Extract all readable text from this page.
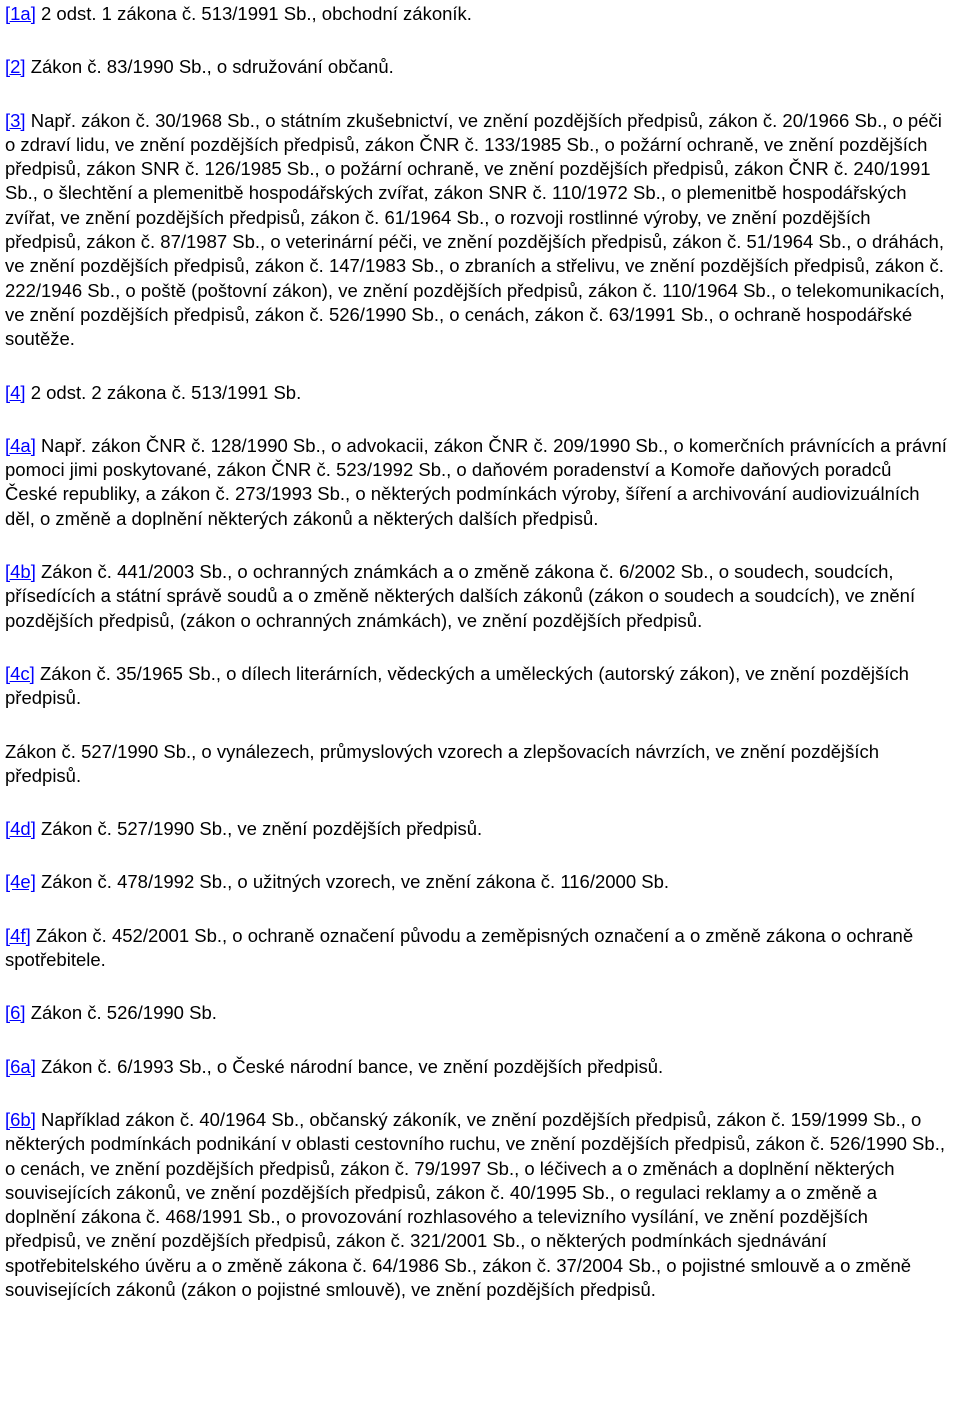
[1a] 2 odst. 1 zákona č. 513/1991 Sb., obchodní zákoník.

[2] Zákon č. 83/1990 Sb., o sdružování občanů.

[3] Např. zákon č. 30/1968 Sb., o státním zkušebnictví, ve znění pozdějších předpisů, zákon č. 20/1966 Sb., o péči o zdraví lidu, ve znění pozdějších předpisů, zákon ČNR č. 133/1985 Sb., o požární ochraně, ve znění pozdějších předpisů, zákon SNR č. 126/1985 Sb., o požární ochraně, ve znění pozdějších předpisů, zákon ČNR č. 240/1991 Sb., o šlechtění a plemenitbě hospodářských zvířat, zákon SNR č. 110/1972 Sb., o plemenitbě hospodářských zvířat, ve znění pozdějších předpisů, zákon č. 61/1964 Sb., o rozvoji rostlinné výroby, ve znění pozdějších předpisů, zákon č. 87/1987 Sb., o veterinární péči, ve znění pozdějších předpisů, zákon č. 51/1964 Sb., o dráhách, ve znění pozdějších předpisů, zákon č. 147/1983 Sb., o zbraních a střelivu, ve znění pozdějších předpisů, zákon č. 222/1946 Sb., o poště (poštovní zákon), ve znění pozdějších předpisů, zákon č. 110/1964 Sb., o telekomunikacích, ve znění pozdějších předpisů, zákon č. 526/1990 Sb., o cenách, zákon č. 63/1991 Sb., o ochraně hospodářské soutěže.

[4] 2 odst. 2 zákona č. 513/1991 Sb.

[4a] Např. zákon ČNR č. 128/1990 Sb., o advokacii, zákon ČNR č. 209/1990 Sb., o komerčních právnících a právní pomoci jimi poskytované, zákon ČNR č. 523/1992 Sb., o daňovém poradenství a Komoře daňových poradců České republiky, a zákon č. 273/1993 Sb., o některých podmínkách výroby, šíření a archivování audiovizuálních děl, o změně a doplnění některých zákonů a některých dalších předpisů.

[4b] Zákon č. 441/2003 Sb., o ochranných známkách a o změně zákona č. 6/2002 Sb., o soudech, soudcích, přísedících a státní správě soudů a o změně některých dalších zákonů (zákon o soudech a soudcích), ve znění pozdějších předpisů, (zákon o ochranných známkách), ve znění pozdějších předpisů.

[4c] Zákon č. 35/1965 Sb., o dílech literárních, vědeckých a uměleckých (autorský zákon), ve znění pozdějších předpisů.

Zákon č. 527/1990 Sb., o vynálezech, průmyslových vzorech a zlepšovacích návrzích, ve znění pozdějších předpisů.

[4d] Zákon č. 527/1990 Sb., ve znění pozdějších předpisů.

[4e] Zákon č. 478/1992 Sb., o užitných vzorech, ve znění zákona č. 116/2000 Sb.

[4f] Zákon č. 452/2001 Sb., o ochraně označení původu a zeměpisných označení a o změně zákona o ochraně spotřebitele.

[6] Zákon č. 526/1990 Sb.

[6a] Zákon č. 6/1993 Sb., o České národní bance, ve znění pozdějších předpisů.

[6b] Například zákon č. 40/1964 Sb., občanský zákoník, ve znění pozdějších předpisů, zákon č. 159/1999 Sb., o některých podmínkách podnikání v oblasti cestovního ruchu, ve znění pozdějších předpisů, zákon č. 526/1990 Sb., o cenách, ve znění pozdějších předpisů, zákon č. 79/1997 Sb., o léčivech a o změnách a doplnění některých souvisejících zákonů, ve znění pozdějších předpisů, zákon č. 40/1995 Sb., o regulaci reklamy a o změně a doplnění zákona č. 468/1991 Sb., o provozování rozhlasového a televizního vysílání, ve znění pozdějších předpisů, ve znění pozdějších předpisů, zákon č. 321/2001 Sb., o některých podmínkách sjednávání spotřebitelského úvěru a o změně zákona č. 64/1986 Sb., zákon č. 37/2004 Sb., o pojistné smlouvě a o změně souvisejících zákonů (zákon o pojistné smlouvě), ve znění pozdějších předpisů.
